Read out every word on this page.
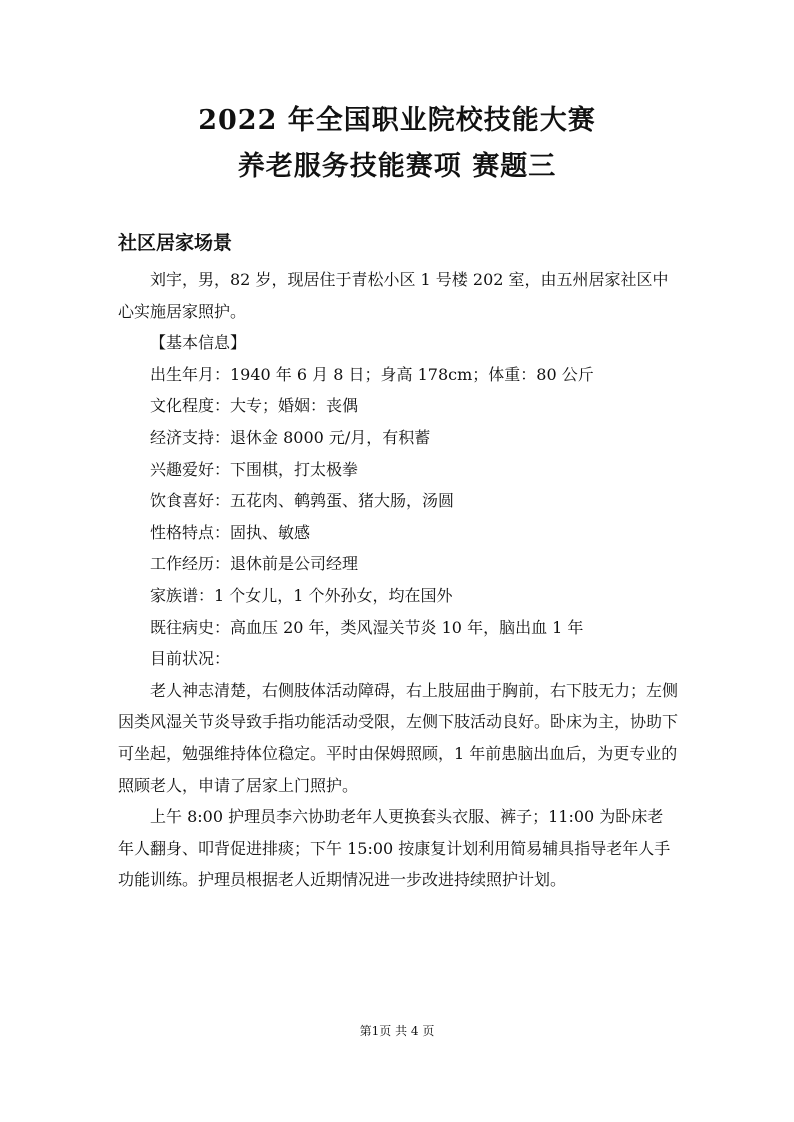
2022 年全国职业院校技能大赛
养老服务技能赛项 赛题三
社区居家场景

刘宇，男，82 岁，现居住于青松小区 1 号楼 202 室，由五州居家社区中心实施居家照护。

【基本信息】

出生年月：1940 年 6 月 8 日；身高 178cm；体重：80 公斤

文化程度：大专；婚姻：丧偶

经济支持：退休金 8000 元/月，有积蓄

兴趣爱好：下围棋，打太极拳

饮食喜好：五花肉、鹌鹑蛋、猪大肠，汤圆

性格特点：固执、敏感

工作经历：退休前是公司经理

家族谱：1 个女儿，1 个外孙女，均在国外

既往病史：高血压 20 年，类风湿关节炎 10 年，脑出血 1 年

目前状况：

老人神志清楚，右侧肢体活动障碍，右上肢屈曲于胸前，右下肢无力；左侧因类风湿关节炎导致手指功能活动受限，左侧下肢活动良好。卧床为主，协助下可坐起，勉强维持体位稳定。平时由保姆照顾，1 年前患脑出血后，为更专业的照顾老人，申请了居家上门照护。

上午 8:00 护理员李六协助老年人更换套头衣服、裤子；11:00 为卧床老年人翻身、叩背促进排痰；下午 15:00 按康复计划利用简易辅具指导老年人手功能训练。护理员根据老人近期情况进一步改进持续照护计划。

第1页 共 4 页
